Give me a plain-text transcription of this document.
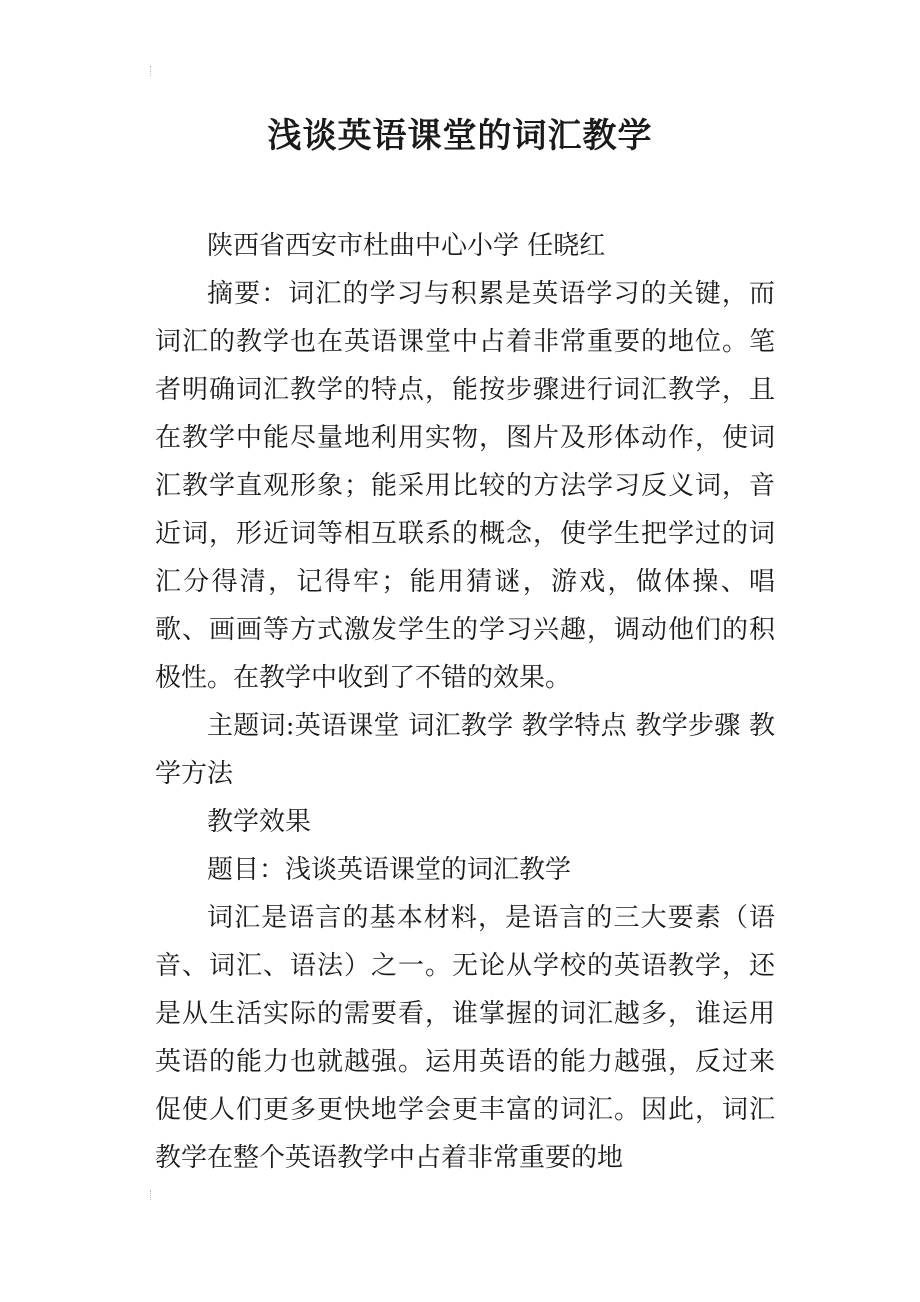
浅谈英语课堂的词汇教学

陕西省西安市杜曲中心小学 任晓红

摘要：词汇的学习与积累是英语学习的关键，而词汇的教学也在英语课堂中占着非常重要的地位。笔者明确词汇教学的特点，能按步骤进行词汇教学，且在教学中能尽量地利用实物，图片及形体动作，使词汇教学直观形象；能采用比较的方法学习反义词，音近词，形近词等相互联系的概念，使学生把学过的词汇分得清，记得牢；能用猜谜，游戏，做体操、唱歌、画画等方式激发学生的学习兴趣，调动他们的积极性。在教学中收到了不错的效果。

主题词:英语课堂 词汇教学 教学特点 教学步骤 教学方法

教学效果

题目：浅谈英语课堂的词汇教学

词汇是语言的基本材料，是语言的三大要素（语音、词汇、语法）之一。无论从学校的英语教学，还是从生活实际的需要看，谁掌握的词汇越多，谁运用英语的能力也就越强。运用英语的能力越强，反过来促使人们更多更快地学会更丰富的词汇。因此，词汇教学在整个英语教学中占着非常重要的地
